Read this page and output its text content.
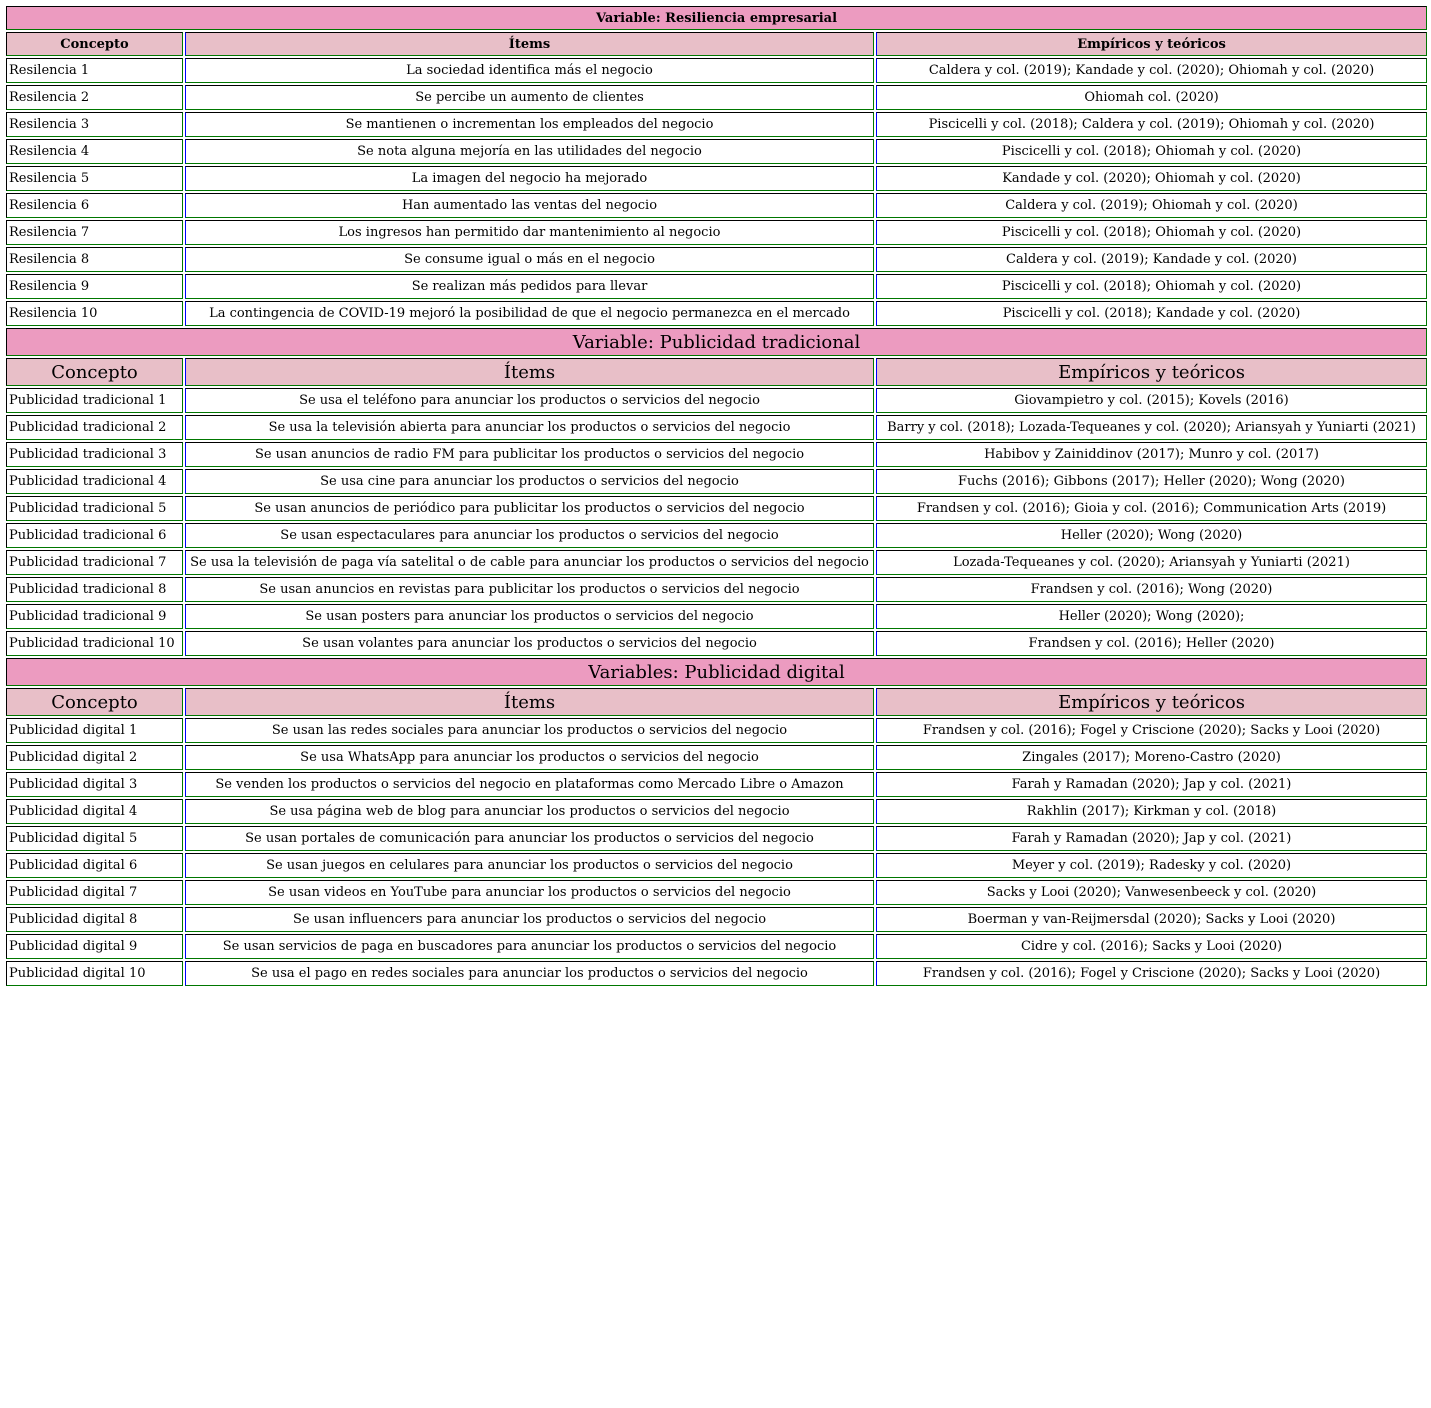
Variable: Resiliencia empresarial		
Concepto	Ítems	Empíricos y teóricos
Resilencia 1	La sociedad identifica más el negocio	Caldera y col. (2019); Kandade y col. (2020); Ohiomah y col. (2020)
Resilencia 2	Se percibe un aumento de clientes	Ohiomah col. (2020)
Resilencia 3	Se mantienen o incrementan los empleados del negocio	Piscicelli y col. (2018); Caldera y col. (2019); Ohiomah y col. (2020)
Resilencia 4	Se nota alguna mejoría en las utilidades del negocio	Piscicelli y col. (2018); Ohiomah y col. (2020)
Resilencia 5	La imagen del negocio ha mejorado	Kandade y col. (2020); Ohiomah y col. (2020)
Resilencia 6	Han aumentado las ventas del negocio	Caldera y col. (2019); Ohiomah y col. (2020)
Resilencia 7	Los ingresos han permitido dar mantenimiento al negocio	Piscicelli y col. (2018); Ohiomah y col. (2020)
Resilencia 8	Se consume igual o más en el negocio	Caldera y col. (2019); Kandade y col. (2020)
Resilencia 9	Se realizan más pedidos para llevar	Piscicelli y col. (2018); Ohiomah y col. (2020)
Resilencia 10	La contingencia de COVID-19 mejoró la posibilidad de que el negocio permanezca en el mercado	Piscicelli y col. (2018); Kandade y col. (2020)
Variable: Publicidad tradicional		
Concepto	Ítems	Empíricos y teóricos
Publicidad tradicional 1	Se usa el teléfono para anunciar los productos o servicios del negocio	Giovampietro y col. (2015); Kovels (2016)
Publicidad tradicional 2	Se usa la televisión abierta para anunciar los productos o servicios del negocio	Barry y col. (2018); Lozada-Tequeanes y col. (2020); Ariansyah y Yuniarti (2021)
Publicidad tradicional 3	Se usan anuncios de radio FM para publicitar los productos o servicios del negocio	Habibov y Zainiddinov (2017); Munro y col. (2017)
Publicidad tradicional 4	Se usa cine para anunciar los productos o servicios del negocio	Fuchs (2016); Gibbons (2017); Heller (2020); Wong (2020)
Publicidad tradicional 5	Se usan anuncios de periódico para publicitar los productos o servicios del negocio	Frandsen y col. (2016); Gioia y col. (2016); Communication Arts (2019)
Publicidad tradicional 6	Se usan espectaculares para anunciar los productos o servicios del negocio	Heller (2020); Wong (2020)
Publicidad tradicional 7	Se usa la televisión de paga vía satelital o de cable para anunciar los productos o servicios del negocio	Lozada-Tequeanes y col. (2020); Ariansyah y Yuniarti (2021)
Publicidad tradicional 8	Se usan anuncios en revistas para publicitar los productos o servicios del negocio	Frandsen y col. (2016); Wong (2020)
Publicidad tradicional 9	Se usan posters para anunciar los productos o servicios del negocio	Heller (2020); Wong (2020);
Publicidad tradicional 10	Se usan volantes para anunciar los productos o servicios del negocio	Frandsen y col. (2016); Heller (2020)
Variables: Publicidad digital		
Concepto	Ítems	Empíricos y teóricos
Publicidad digital 1	Se usan las redes sociales para anunciar los productos o servicios del negocio	Frandsen y col. (2016); Fogel y Criscione (2020); Sacks y Looi (2020)
Publicidad digital 2	Se usa WhatsApp para anunciar los productos o servicios del negocio	Zingales (2017); Moreno-Castro (2020)
Publicidad digital 3	Se venden los productos o servicios del negocio en plataformas como Mercado Libre o Amazon	Farah y Ramadan (2020); Jap y col. (2021)
Publicidad digital 4	Se usa página web de blog para anunciar los productos o servicios del negocio	Rakhlin (2017); Kirkman y col. (2018)
Publicidad digital 5	Se usan portales de comunicación para anunciar los productos o servicios del negocio	Farah y Ramadan (2020); Jap y col. (2021)
Publicidad digital 6	Se usan juegos en celulares para anunciar los productos o servicios del negocio	Meyer y col. (2019); Radesky y col. (2020)
Publicidad digital 7	Se usan videos en YouTube para anunciar los productos o servicios del negocio	Sacks y Looi (2020); Vanwesenbeeck y col. (2020)
Publicidad digital 8	Se usan influencers para anunciar los productos o servicios del negocio	Boerman y van-Reijmersdal (2020); Sacks y Looi (2020)
Publicidad digital 9	Se usan servicios de paga en buscadores para anunciar los productos o servicios del negocio	Cidre y col. (2016); Sacks y Looi (2020)
Publicidad digital 10	Se usa el pago en redes sociales para anunciar los productos o servicios del negocio	Frandsen y col. (2016); Fogel y Criscione (2020); Sacks y Looi (2020)
